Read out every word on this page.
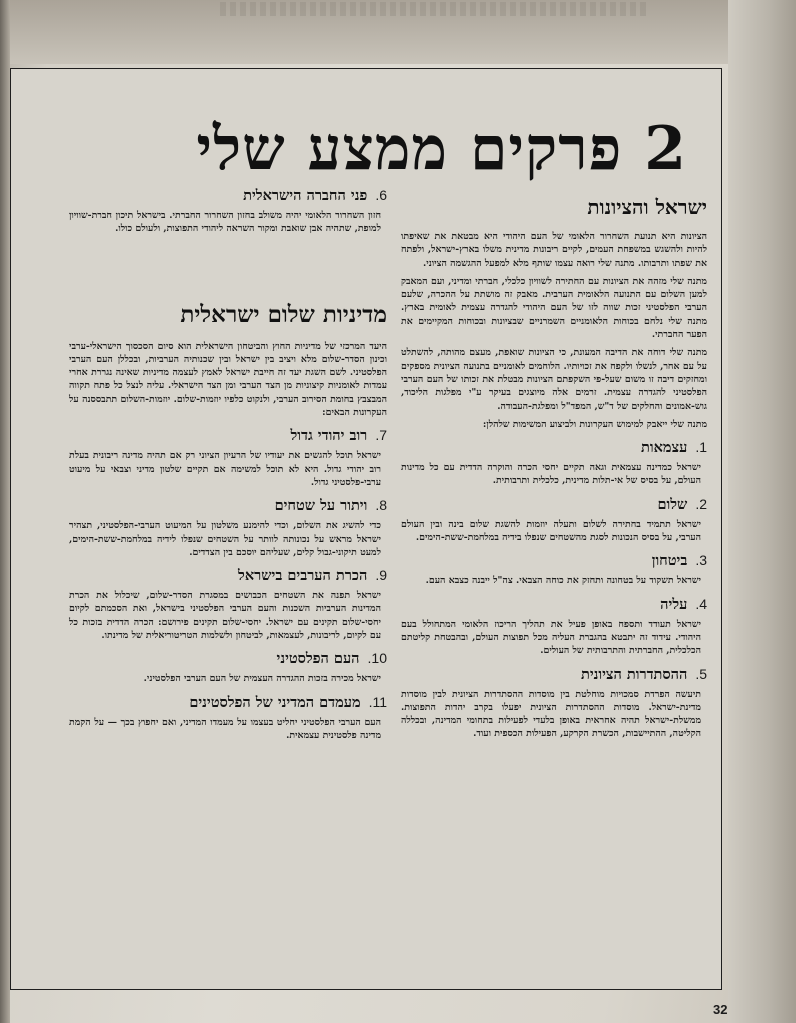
2 פרקים ממצע שלי
ישראל והציונות

הציונות היא תנועת השחרור הלאומי של העם היהודי היא מבטאת את שאיפתו להיות ולהשגש במשפחת העמים, לקיים ריבונות מדינית משלו בארץ-ישראל, ולפתח את שפתו ותרבותו. מתנה שלי רואה עצמו שותף מלא למפעל ההגשמה הציוני.

מתנה שלי מזהה את הציונות עם החתירה לשוויון כלכלי, חברתי ומדיני, ועם המאבק למען השלום עם התנועה הלאומית הערבית. מאבק זה מושתת על ההכרה, שלעם הערבי הפלסטיני זכות שווה לזו של העם היהודי להגדרה עצמית לאומית בארץ. מתנה שלי נלחם בכוחות הלאומניים השמרניים שבציונות ובכוחות המקיימים את הפער החברתי.

מתנה שלי דוחה את הדיבה המעונת, כי הציונות שואפת, מעצם מהותה, להשתלט על עם אחר, לנשלו ולקפח את זכויותיו. הלוחמים לאומניים בתנועה הציונית מספקים ומחזקים דיבה זו משום שעל-פי השקפתם הציונות מבטלת את זכותו של העם הערבי הפלסטיני להגדרה עצמית. זרמים אלה מיוצגים בעיקר ע"י מפלגות הליכוד, גוש-אמונים והחלקים של ד"ש, המפד"ל ומפלגת-העבודה.

מתנה שלי ייאבק למימוש העקרונות ולביצוע המשימות שלהלן:

1.
עצמאות

ישראל כמדינה עצמאית וגאה תקיים יחסי הכרה והוקרה הדדית עם כל מדינות העולם, על בסיס של אי-תלות מדינית, כלכלית ותרבותית.

2.
שלום

ישראל תתמיד בחתירה לשלום ותעלה יוזמות להשגת שלום בינה ובין העולם הערבי, על בסיס הנכונות לסגת מהשטחים שנפלו בידיה במלחמת-ששת-הימים.

3.
ביטחון

ישראל תשקוד על בטחונה ותחזק את כוחה הצבאי. צה"ל ייבנה כצבא העם.

4.
עליה

ישראל תעודד ותספח באופן פעיל את תהליך הריכוז הלאומי המתחולל בעם היהודי. עידוד זה יתבטא בהגברת העליה מכל תפוצות העולם, ובהבטחת קליטתם הכלכלית, החברתית והתרבותית של העולים.

5.
ההסתדרות הציונית

תיעשה הפרדת סמכויות מוחלטת בין מוסדות ההסתדרות הציונית לבין מוסדות מדינת-ישראל. מוסדות ההסתדרות הציונית יפעלו בקרב יהדות התפוצות. ממשלת-ישראל תהיה אחראית באופן בלעדי לפעילות בתחומי המדינה, ובכללה הקליטה, ההתיישבות, הכשרת הקרקע, הפעילות הכספית ועוד.

6.
פני החברה הישראלית

חזון השחרור הלאומי יהיה משולב בחזון השחרור החברתי. בישראל תיכון חברת-שוויון למופת, שתהיה אבן שואבת ומקור השראה ליהודי התפוצות, ולעולם כולו.

מדיניות שלום ישראלית

היעד המרכזי של מדיניות החוץ והביטחון הישראלית הוא סיום הסכסוך הישראלי-ערבי וכינון הסדר-שלום מלא ויציב בין ישראל ובין שכנותיה הערביות, ובכללן העם הערבי הפלסטיני. לשם השגת יעד זה חייבת ישראל לאמץ לעצמה מדיניות שאינה נגררת אחרי עמדות לאומניות קיצוניות מן הצד הערבי ומן הצד הישראלי. עליה לנצל כל פתח תקווה המבצבץ בחומת הסירוב הערבי, ולנקוט כלפיו יוזמות-שלום. יוזמות-השלום תתבססנה על העקרונות הבאים:

7.
רוב יהודי גדול

ישראל תוכל להגשים את יעודיו של הרעיון הציוני רק אם תהיה מדינה ריבונית בעלת רוב יהודי גדול. היא לא תוכל למשימה אם תקיים שלטון מדיני וצבאי על מיעוט ערבי-פלסטיני גדול.

8.
ויתור על שטחים

כדי להשיג את השלום, וכדי להימנע משלטון על המיעוט הערבי-הפלסטיני, תצהיר ישראל מראש על נכונותה לוותר על השטחים שנפלו לידיה במלחמת-ששת-הימים, למעט תיקוני-גבול קלים, שעליהם יוסכם בין הצדדים.

9.
הכרת הערבים בישראל

ישראל תפנה את השטחים הכבושים במסגרת הסדר-שלום, שיכלול את הכרת המדינות הערביות השכנות והעם הערבי הפלסטיני בישראל, ואת הסכמתם לקיום יחסי-שלום תקינים עם ישראל. יחסי-שלום תקינים פירושם: הכרה הדדית בזכות כל עם לקיום, לריבונות, לעצמאות, לביטחון ולשלמות הטריטוריאלית של מדינתו.

10.
העם הפלסטיני

ישראל מכירה בזכות ההגדרה העצמית של העם הערבי הפלסטיני.

11.
מעמדם המדיני של הפלסטינים

העם הערבי הפלסטיני יחליט בעצמו על מעמדו המדיני, ואם יחפוץ בכך — על הקמת מדינה פלסטינית עצמאית.

32
